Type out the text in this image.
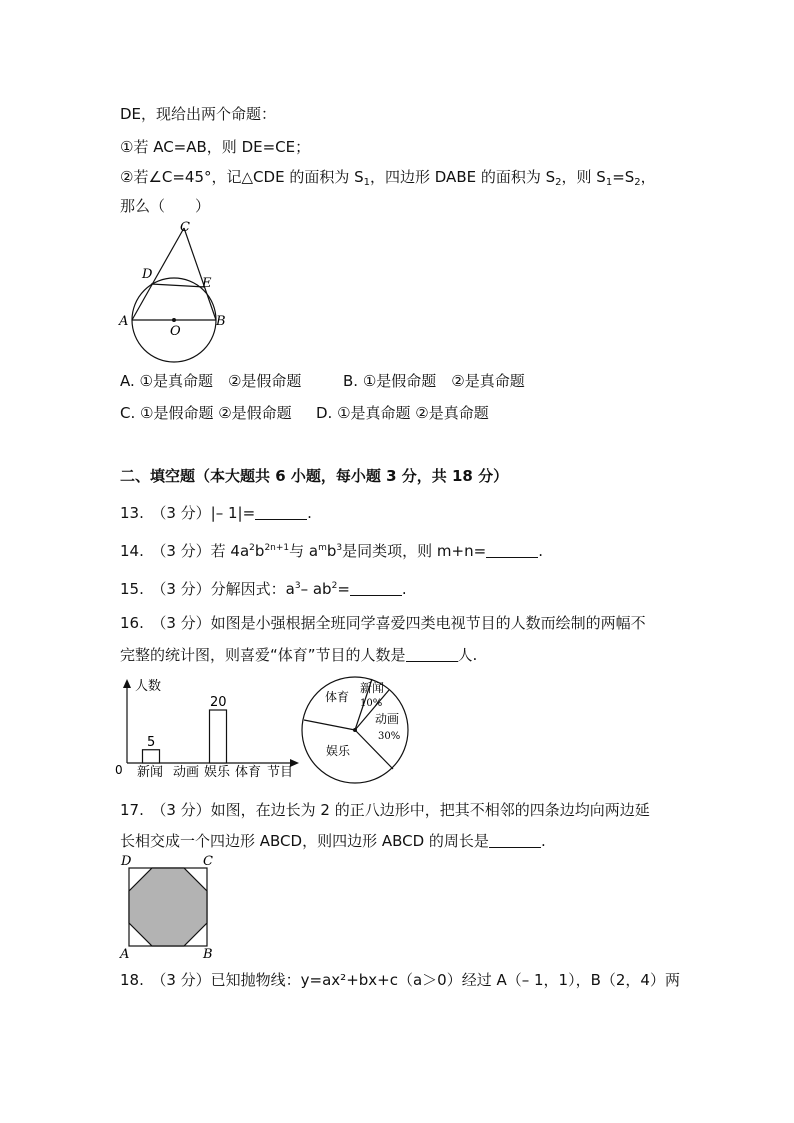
DE，现给出两个命题：
①若 AC=AB，则 DE=CE；
②若∠C=45°，记△CDE 的面积为 $S_1$，四边形 DABE 的面积为 $S_2$，则 $S_1=S_2$，
那么（　　）
C
D
E
A
O
B
A. ①是真命题　②是假命题	B. ①是假命题　②是真命题
C. ①是假命题 ②是假命题 D. ①是真命题 ②是真命题
二、填空题（本大题共 6 小题，每小题 3 分，共 18 分）
13.　（3 分）|– 1|=	.
14.　（3 分）若 $4a^2b^{2n+1}$与 $a^mb^3$是同类项，则 m+n=	.
15.　（3 分）分解因式：$a^3-$ $ab^2=$	.
16.　（3 分）如图是小强根据全班同学喜爱四类电视节目的人数而绘制的两幅不
完整的统计图，则喜爱“体育”节目的人数是	人.
人数
0	节目
新闻
5
动画 娱乐
20
体育
新闻
10%
动画
30%
体育
娱乐
17.　（3 分）如图，在边长为 2 的正八边形中，把其不相邻的四条边均向两边延
长相交成一个四边形 ABCD，则四边形 ABCD 的周长是	.
D	C
A	B
18.　（3 分）已知抛物线：y=ax²+bx+c（a＞0）经过 A（– 1，1），B（2，4）两
